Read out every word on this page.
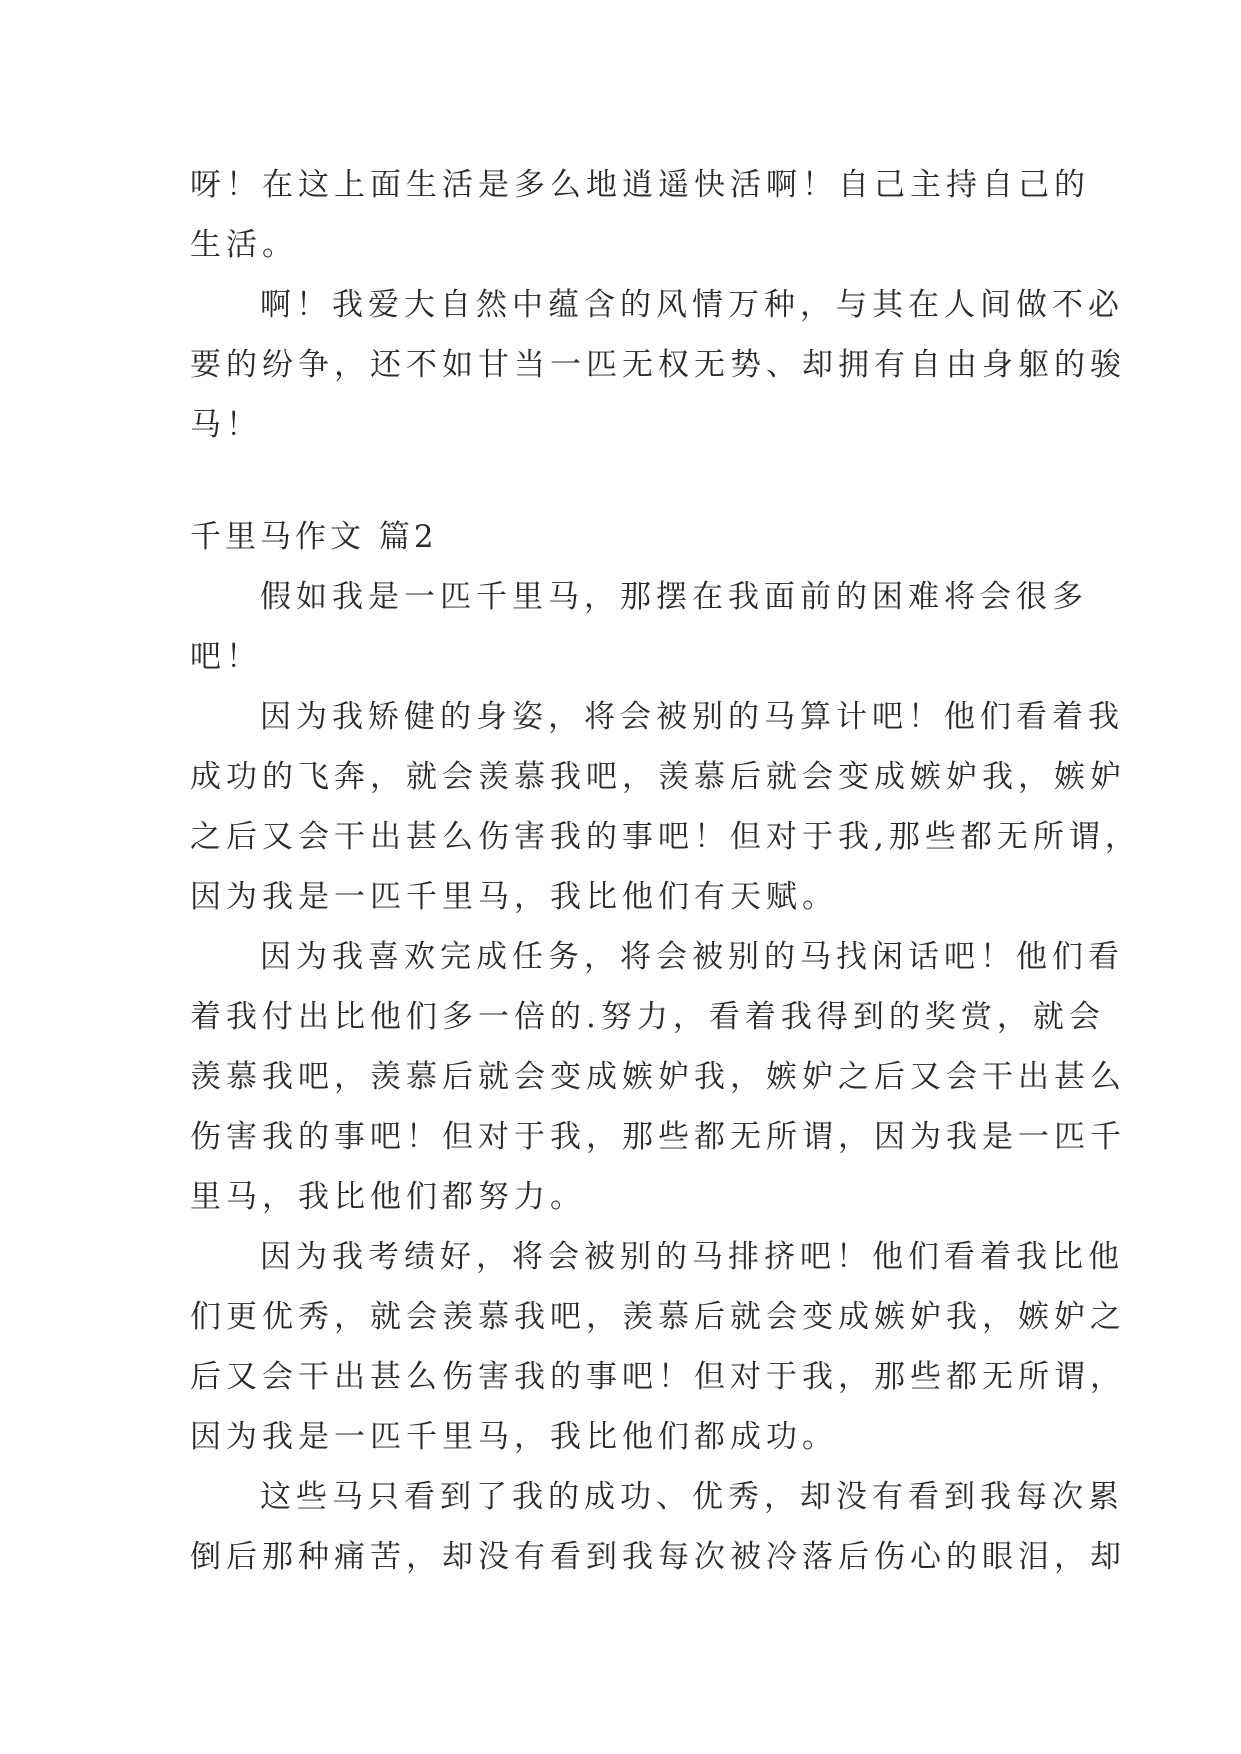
呀！在这上面生活是多么地逍遥快活啊！自己主持自己的
生活。
啊！我爱大自然中蕴含的风情万种，与其在人间做不必
要的纷争，还不如甘当一匹无权无势、却拥有自由身躯的骏
马！
千里马作文 篇2
假如我是一匹千里马，那摆在我面前的困难将会很多
吧！
因为我矫健的身姿，将会被别的马算计吧！他们看着我
成功的飞奔，就会羡慕我吧，羡慕后就会变成嫉妒我，嫉妒
之后又会干出甚么伤害我的事吧！但对于我,那些都无所谓，
因为我是一匹千里马，我比他们有天赋。
因为我喜欢完成任务，将会被别的马找闲话吧！他们看
着我付出比他们多一倍的.努力，看着我得到的奖赏，就会
羡慕我吧，羡慕后就会变成嫉妒我，嫉妒之后又会干出甚么
伤害我的事吧！但对于我，那些都无所谓，因为我是一匹千
里马，我比他们都努力。
因为我考绩好，将会被别的马排挤吧！他们看着我比他
们更优秀，就会羡慕我吧，羡慕后就会变成嫉妒我，嫉妒之
后又会干出甚么伤害我的事吧！但对于我，那些都无所谓，
因为我是一匹千里马，我比他们都成功。
这些马只看到了我的成功、优秀，却没有看到我每次累
倒后那种痛苦，却没有看到我每次被冷落后伤心的眼泪，却
